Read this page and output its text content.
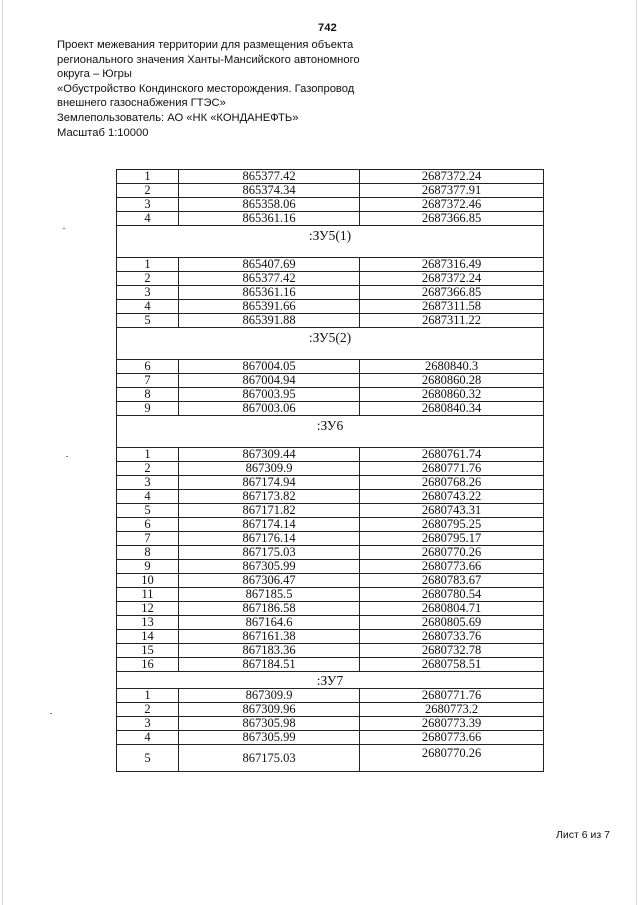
742
Проект межевания территории для размещения объекта
регионального значения Ханты-Мансийского автономного
округа – Югры
«Обустройство Кондинского месторождения. Газопровод
внешнего газоснабжения ГТЭС»
Землепользователь: АО «НК «КОНДАНЕФТЬ»
Масштаб 1:10000
1	865377.42	2687372.24
2	865374.34	2687377.91
3	865358.06	2687372.46
4	865361.16	2687366.85
:ЗУ5(1)		
1	865407.69	2687316.49
2	865377.42	2687372.24
3	865361.16	2687366.85
4	865391.66	2687311.58
5	865391.88	2687311.22
:ЗУ5(2)		
6	867004.05	2680840.3
7	867004.94	2680860.28
8	867003.95	2680860.32
9	867003.06	2680840.34
:ЗУ6		
1	867309.44	2680761.74
2	867309.9	2680771.76
3	867174.94	2680768.26
4	867173.82	2680743.22
5	867171.82	2680743.31
6	867174.14	2680795.25
7	867176.14	2680795.17
8	867175.03	2680770.26
9	867305.99	2680773.66
10	867306.47	2680783.67
11	867185.5	2680780.54
12	867186.58	2680804.71
13	867164.6	2680805.69
14	867161.38	2680733.76
15	867183.36	2680732.78
16	867184.51	2680758.51
:ЗУ7		
1	867309.9	2680771.76
2	867309.96	2680773.2
3	867305.98	2680773.39
4	867305.99	2680773.66
5	867175.03	2680770.26
Лист 6 из 7
